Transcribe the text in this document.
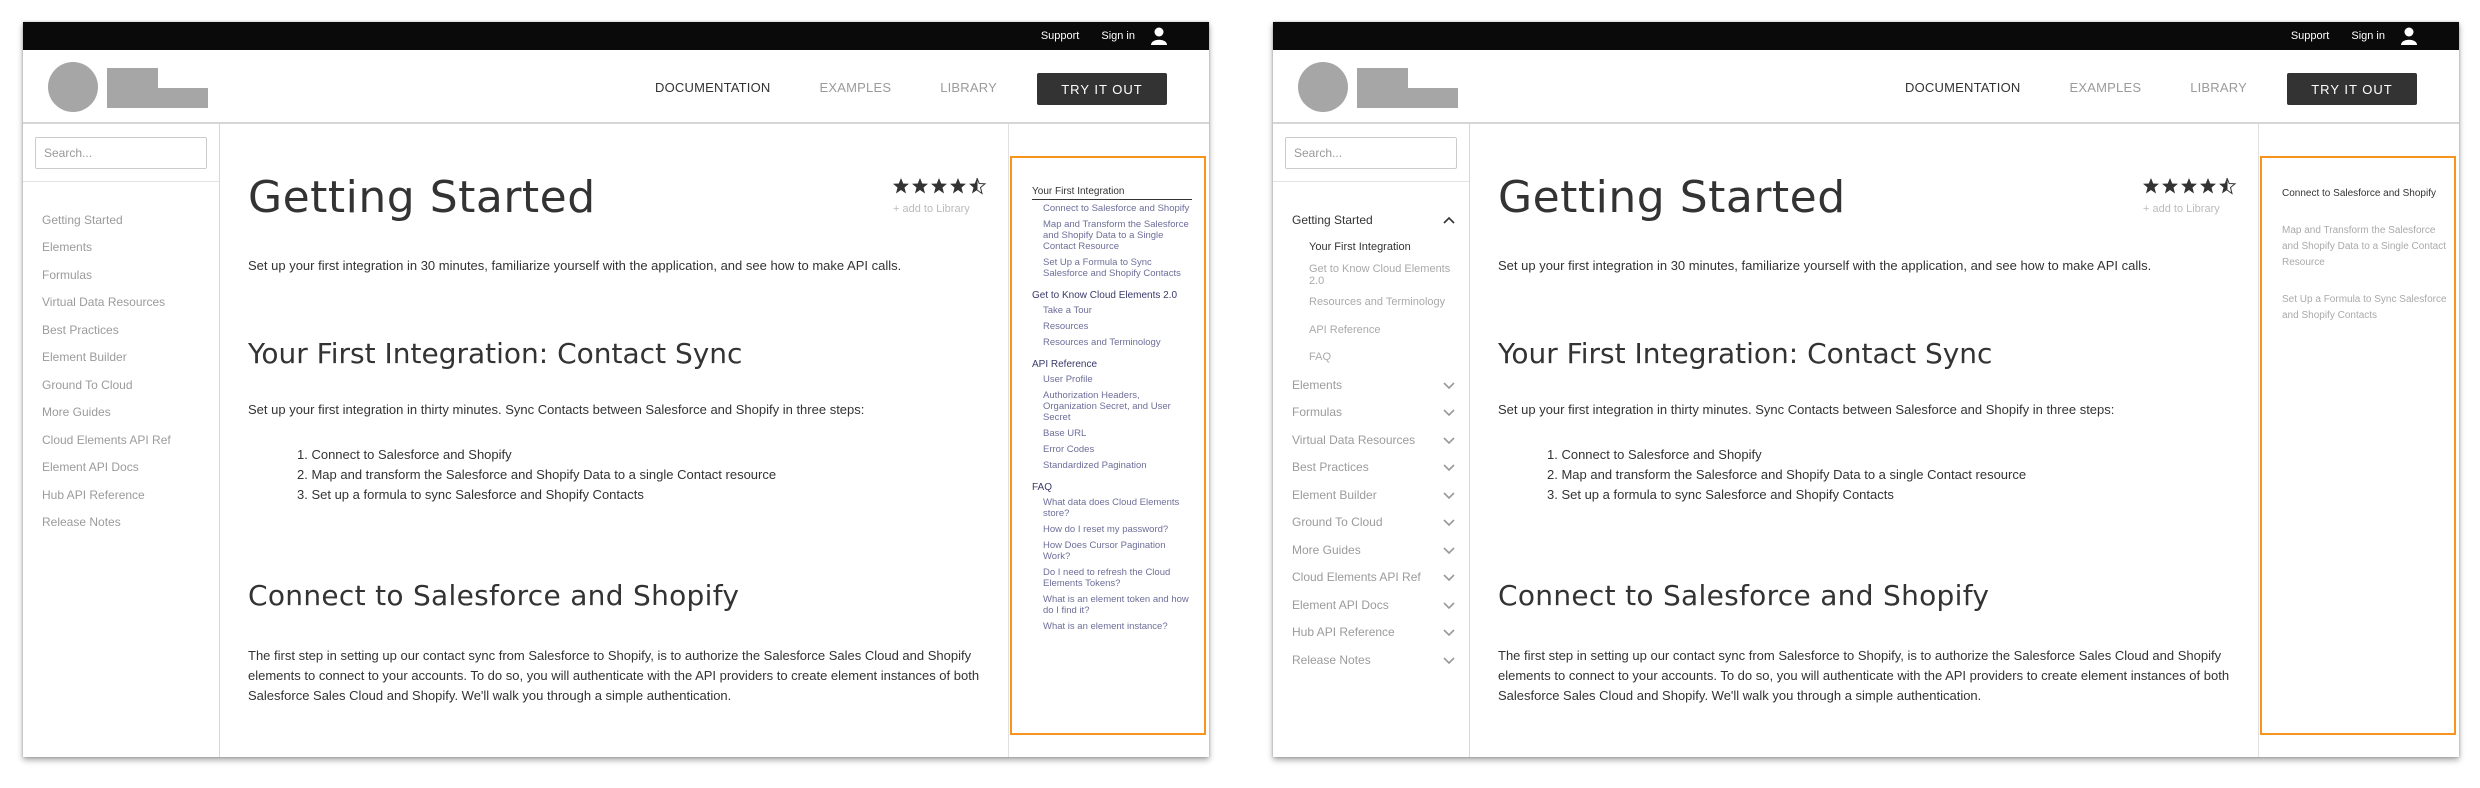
Support Sign in
DOCUMENTATION	EXAMPLES	LIBRARY	TRY IT OUT
Search...
Getting Started
Elements
Formulas
Virtual Data Resources
Best Practices
Element Builder
Ground To Cloud
More Guides
Cloud Elements API Ref
Element API Docs
Hub API Reference
Release Notes
Getting Started	+ add to Library

Set up your first integration in 30 minutes, familiarize yourself with the application, and see how to make API calls.

Your First Integration: Contact Sync

Set up your first integration in thirty minutes. Sync Contacts between Salesforce and Shopify in three steps:

1. Connect to Salesforce and Shopify
2. Map and transform the Salesforce and Shopify Data to a single Contact resource
3. Set up a formula to sync Salesforce and Shopify Contacts
Connect to Salesforce and Shopify

The first step in setting up our contact sync from Salesforce to Shopify, is to authorize the Salesforce Sales Cloud and Shopify elements to connect to your accounts. To do so, you will authenticate with the API providers to create element instances of both Salesforce Sales Cloud and Shopify. We'll walk you through a simple authentication.

Your First Integration
Connect to Salesforce and Shopify
Map and Transform the Salesforce and Shopify Data to a Single Contact Resource
Set Up a Formula to Sync Salesforce and Shopify Contacts
Get to Know Cloud Elements 2.0
Take a Tour
Resources
Resources and Terminology
API Reference
User Profile
Authorization Headers, Organization Secret, and User Secret
Base URL
Error Codes
Standardized Pagination
FAQ
What data does Cloud Elements store?
How do I reset my password?
How Does Cursor Pagination Work?
Do I need to refresh the Cloud Elements Tokens?
What is an element token and how do I find it?
What is an element instance?
Support Sign in
DOCUMENTATION	EXAMPLES	LIBRARY	TRY IT OUT
Search...
Getting Started
Your First Integration
Get to Know Cloud Elements 2.0
Resources and Terminology
API Reference
FAQ
Elements
Formulas
Virtual Data Resources
Best Practices
Element Builder
Ground To Cloud
More Guides
Cloud Elements API Ref
Element API Docs
Hub API Reference
Release Notes
Getting Started	+ add to Library

Set up your first integration in 30 minutes, familiarize yourself with the application, and see how to make API calls.

Your First Integration: Contact Sync

Set up your first integration in thirty minutes. Sync Contacts between Salesforce and Shopify in three steps:

1. Connect to Salesforce and Shopify
2. Map and transform the Salesforce and Shopify Data to a single Contact resource
3. Set up a formula to sync Salesforce and Shopify Contacts
Connect to Salesforce and Shopify

The first step in setting up our contact sync from Salesforce to Shopify, is to authorize the Salesforce Sales Cloud and Shopify elements to connect to your accounts. To do so, you will authenticate with the API providers to create element instances of both Salesforce Sales Cloud and Shopify. We'll walk you through a simple authentication.

Connect to Salesforce and Shopify
Map and Transform the Salesforce and Shopify Data to a Single Contact Resource
Set Up a Formula to Sync Salesforce and Shopify Contacts
